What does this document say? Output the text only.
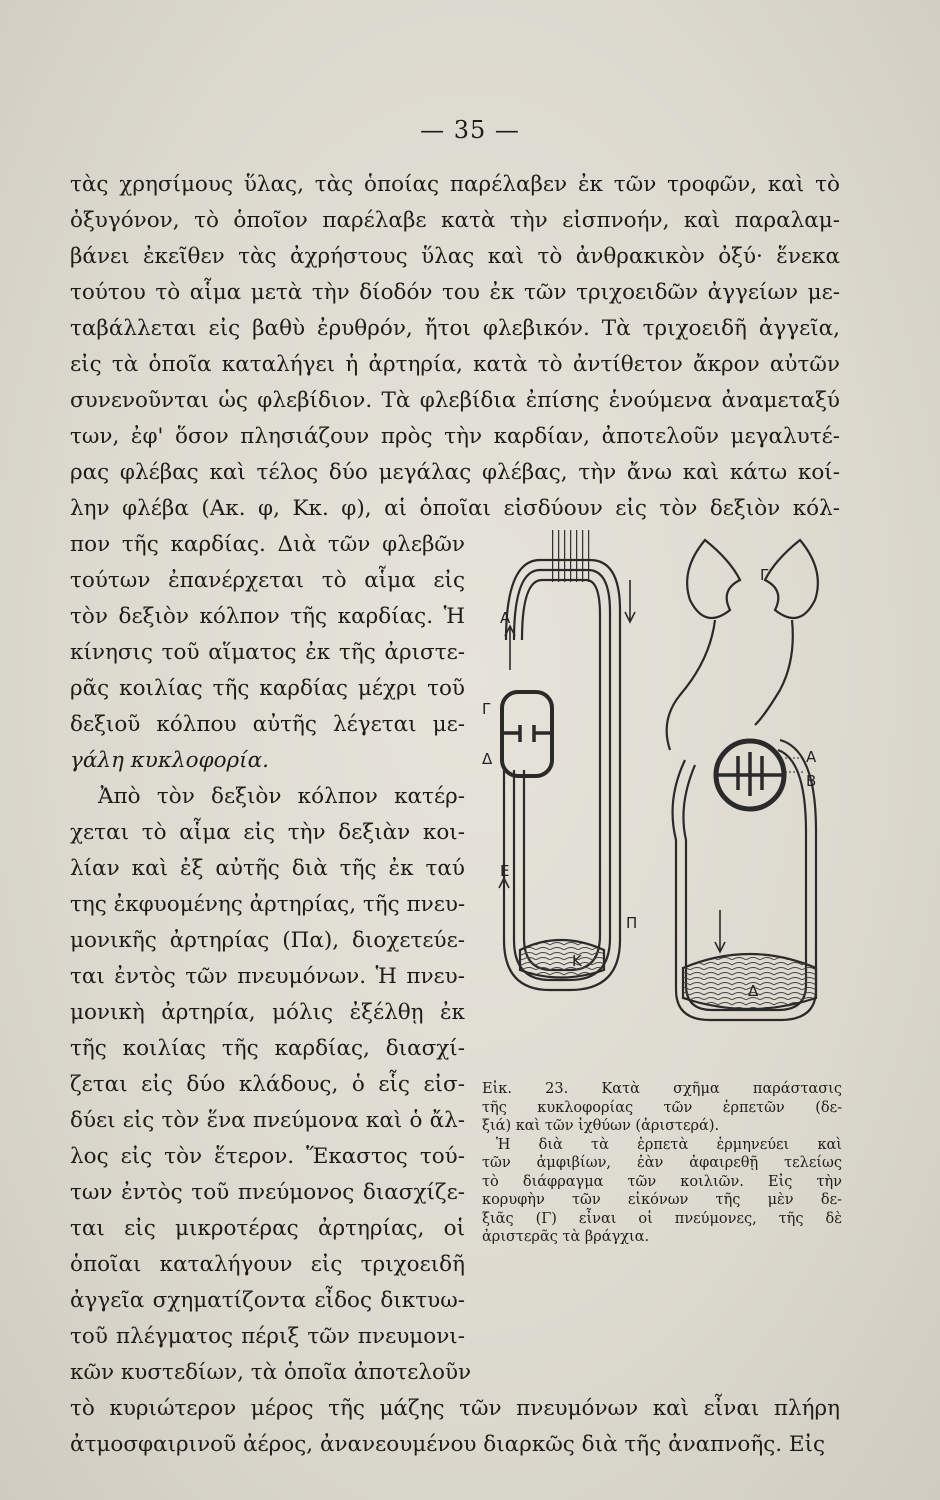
— 35 —
τὰς χρησίμους ὕλας, τὰς ὁποίας παρέλαβεν ἐκ τῶν τροφῶν, καὶ τὸ
ὀξυγόνον, τὸ ὁποῖον παρέλαβε κατὰ τὴν εἰσπνοήν, καὶ παραλαμ-
βάνει ἐκεῖθεν τὰς ἀχρήστους ὕλας καὶ τὸ ἀνθρακικὸν ὀξύ· ἕνεκα
τούτου τὸ αἷμα μετὰ τὴν δίοδόν του ἐκ τῶν τριχοειδῶν ἀγγείων με-
ταβάλλεται εἰς βαθὺ ἐρυθρόν, ἤτοι φλεβικόν. Τὰ τριχοειδῆ ἀγγεῖα,
εἰς τὰ ὁποῖα καταλήγει ἡ ἀρτηρία, κατὰ τὸ ἀντίθετον ἄκρον αὐτῶν
συνενοῦνται ὡς φλεβίδιον. Τὰ φλεβίδια ἐπίσης ἑνούμενα ἀναμεταξύ
των, ἐφ' ὅσον πλησιάζουν πρὸς τὴν καρδίαν, ἀποτελοῦν μεγαλυτέ-
ρας φλέβας καὶ τέλος δύο μεγάλας φλέβας, τὴν ἄνω καὶ κάτω κοί-
λην φλέβα (Ακ. φ, Κκ. φ), αἱ ὁποῖαι εἰσδύουν εἰς τὸν δεξιὸν κόλ-
πον τῆς καρδίας. Διὰ τῶν φλεβῶν
τούτων ἐπανέρχεται τὸ αἷμα εἰς
τὸν δεξιὸν κόλπον τῆς καρδίας. Ἡ
κίνησις τοῦ αἵματος ἐκ τῆς ἀριστε-
ρᾶς κοιλίας τῆς καρδίας μέχρι τοῦ
δεξιοῦ κόλπου αὐτῆς λέγεται με-
γάλη κυκλοφορία.
Ἀπὸ τὸν δεξιὸν κόλπον κατέρ-
χεται τὸ αἷμα εἰς τὴν δεξιὰν κοι-
λίαν καὶ ἐξ αὐτῆς διὰ τῆς ἐκ ταύ
της ἐκφυομένης ἀρτηρίας, τῆς πνευ-
μονικῆς ἀρτηρίας (Πα), διοχετεύε-
ται ἐντὸς τῶν πνευμόνων. Ἡ πνευ-
μονικὴ ἀρτηρία, μόλις ἐξέλθῃ ἐκ
τῆς κοιλίας τῆς καρδίας, διασχί-
ζεται εἰς δύο κλάδους, ὁ εἷς εἰσ-
δύει εἰς τὸν ἕνα πνεύμονα καὶ ὁ ἄλ-
λος εἰς τὸν ἕτερον. Ἕκαστος τού-
των ἐντὸς τοῦ πνεύμονος διασχίζε-
ται εἰς μικροτέρας ἀρτηρίας, οἱ
ὁποῖαι καταλήγουν εἰς τριχοειδῆ
ἀγγεῖα σχηματίζοντα εἶδος δικτυω-
τοῦ πλέγματος πέριξ τῶν πνευμονι-
κῶν κυστεδίων, τὰ ὁποῖα ἀποτελοῦν
τὸ κυριώτερον μέρος τῆς μάζης τῶν πνευμόνων καὶ εἶναι πλήρη
ἀτμοσφαιρινοῦ ἀέρος, ἀνανεουμένου διαρκῶς διὰ τῆς ἀναπνοῆς. Εἰς
Α
Γ
Δ
Ε
Κ
Γ
Α
Β
Π
Δ
Εἰκ. 23. Κατὰ σχῆμα παράστασις
τῆς κυκλοφορίας τῶν ἑρπετῶν (δε-
ξιά) καὶ τῶν ἰχθύων (ἀριστερά).
Ἡ διὰ τὰ ἑρπετὰ ἑρμηνεύει καὶ
τῶν ἀμφιβίων, ἐὰν ἀφαιρεθῇ τελείως
τὸ διάφραγμα τῶν κοιλιῶν. Εἰς τὴν
κορυφὴν τῶν εἰκόνων τῆς μὲν δε-
ξιᾶς (Γ) εἶναι οἱ πνεύμονες, τῆς δὲ
ἀριστερᾶς τὰ βράγχια.
